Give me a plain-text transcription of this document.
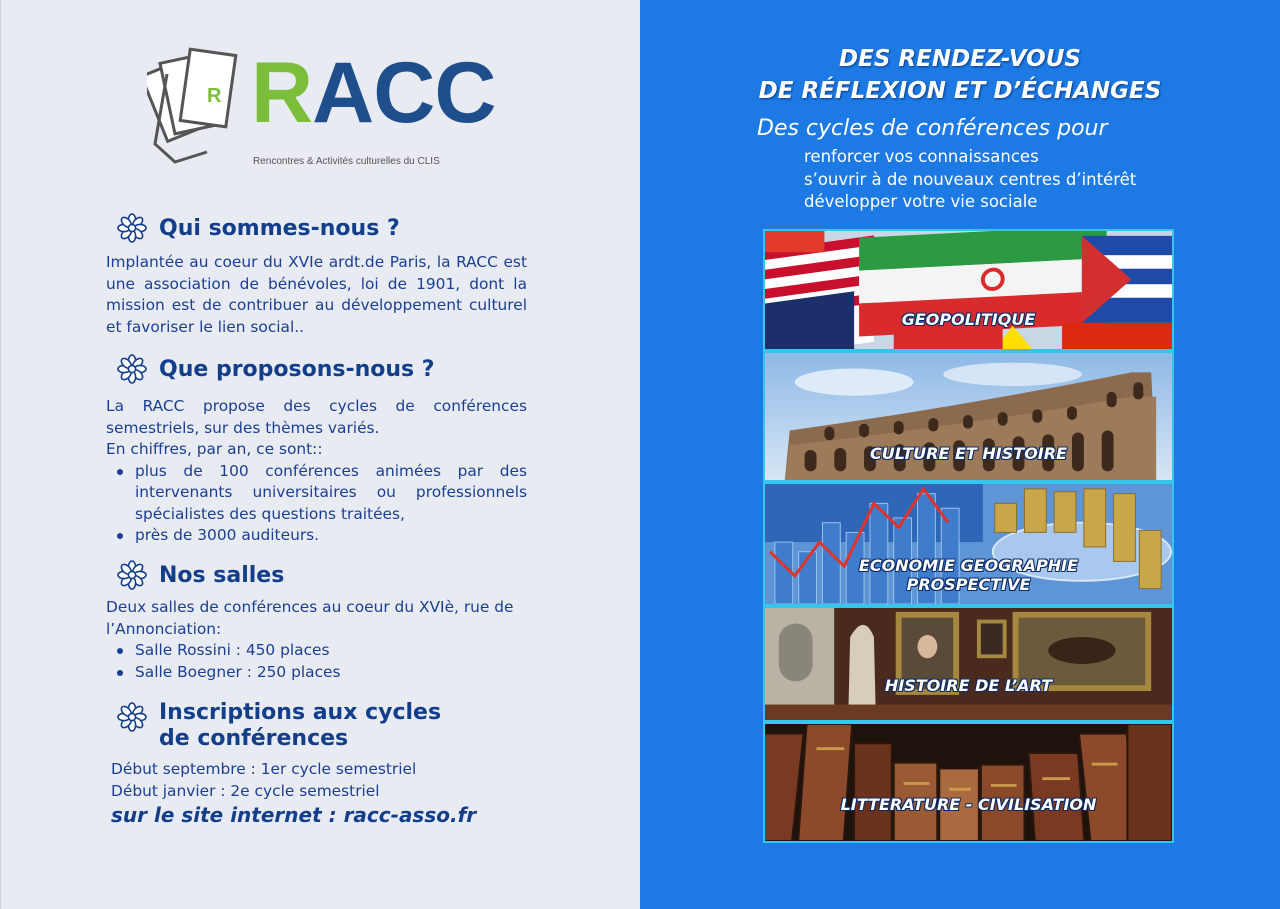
R RACC
Rencontres & Activités culturelles du CLIS
Qui sommes-nous ?
Implantée au coeur du XVIe ardt.de Paris, la RACC est une association de bénévoles, loi de 1901, dont la mission est de contribuer au développement culturel et favoriser le lien social..
Que proposons-nous ?
La RACC propose des cycles de conférences semestriels, sur des thèmes variés.
En chiffres, par an, ce sont::
plus de 100 conférences animées par des intervenants universitaires ou professionnels spécialistes des questions traitées,
près de 3000 auditeurs.
Nos salles
Deux salles de conférences au coeur du XVIè, rue de l’Annonciation:
Salle Rossini : 450 places
Salle Boegner : 250 places
Inscriptions aux cycles
de conférences
Début septembre : 1er cycle semestriel
Début janvier : 2e cycle semestriel
sur le site internet : racc-asso.fr
DES RENDEZ-VOUS
DE RÉFLEXION ET D’ÉCHANGES
Des cycles de conférences pour
renforcer vos connaissances
s’ouvrir à de nouveaux centres d’intérêt
développer votre vie sociale
GEOPOLITIQUE
CULTURE ET HISTOIRE
ECONOMIE GEOGRAPHIE
PROSPECTIVE
HISTOIRE DE L’ART
LITTERATURE - CIVILISATION
